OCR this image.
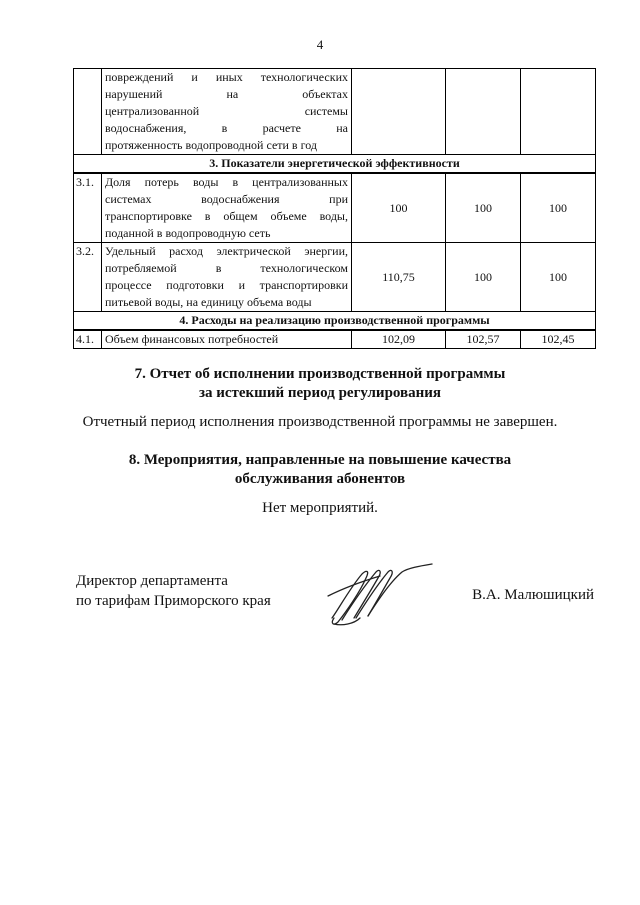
4

	повреждений и иных технологических
нарушений на объектах
централизованной системы
водоснабжения, в расчете на
протяженность водопроводной сети в год			

3. Показатели энергетической эффективности				
3.1.	Доля потерь воды в централизованных
системах водоснабжения при
транспортировке в общем объеме воды,
поданной в водопроводную сеть	100	100	100
3.2.	Удельный расход электрической энергии,
потребляемой в технологическом
процессе подготовки и транспортировки
питьевой воды, на единицу объема воды	110,75	100	100
4. Расходы на реализацию производственной программы				
4.1.	Объем финансовых потребностей	102,09	102,57	102,45
7. Отчет об исполнении производственной программы
за истекший период регулирования
Отчетный период исполнения производственной программы не завершен.
8. Мероприятия, направленные на повышение качества
обслуживания абонентов
Нет мероприятий.
Директор департамента
по тарифам Приморского края	В.А. Малюшицкий
